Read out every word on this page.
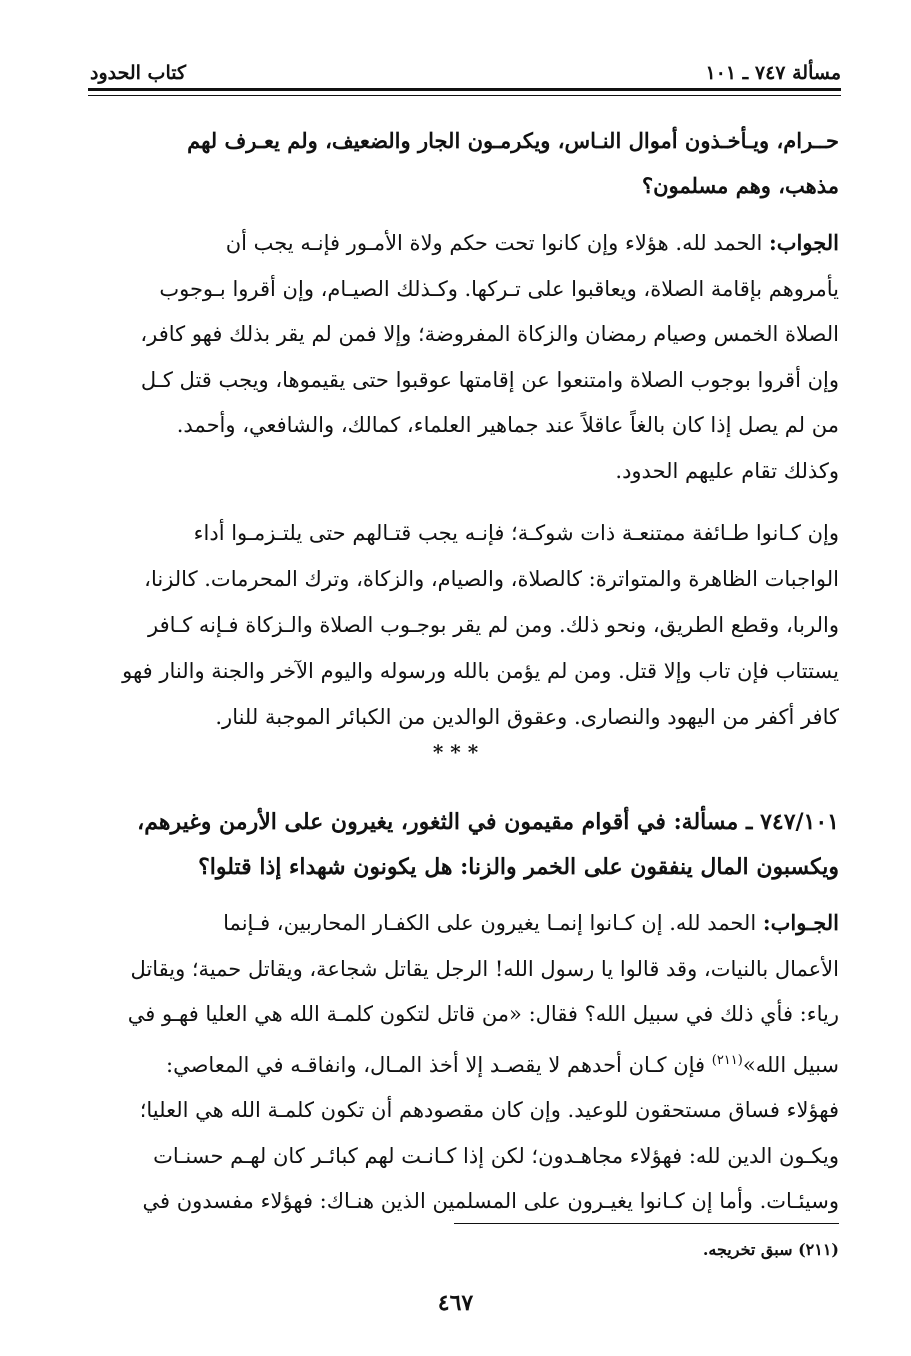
مسألة ٧٤٧ ـ ١٠١
كتاب الحدود
حــرام، ويـأخـذون أموال النـاس، ويكرمـون الجار والضعيف، ولم يعـرف لهم
مذهب، وهم مسلمون؟
الجواب: الحمد لله. هؤلاء وإن كانوا تحت حكم ولاة الأمـور فإنـه يجب أن
يأمروهم بإقامة الصلاة، ويعاقبوا على تـركها. وكـذلك الصيـام، وإن أقروا بـوجوب
الصلاة الخمس وصيام رمضان والزكاة المفروضة؛ وإلا فمن لم يقر بذلك فهو كافر،
وإن أقروا بوجوب الصلاة وامتنعوا عن إقامتها عوقبوا حتى يقيموها، ويجب قتل كـل
من لم يصل إذا كان بالغاً عاقلاً عند جماهير العلماء، كمالك، والشافعي، وأحمد.
وكذلك تقام عليهم الحدود.
وإن كـانوا طـائفة ممتنعـة ذات شوكـة؛ فإنـه يجب قتـالهم حتى يلتـزمـوا أداء
الواجبات الظاهرة والمتواترة: كالصلاة، والصيام، والزكاة، وترك المحرمات. كالزنا،
والربا، وقطع الطريق، ونحو ذلك. ومن لم يقر بوجـوب الصلاة والـزكاة فـإنه كـافر
يستتاب فإن تاب وإلا قتل. ومن لم يؤمن بالله ورسوله واليوم الآخر والجنة والنار فهو
كافر أكفر من اليهود والنصارى. وعقوق الوالدين من الكبائر الموجبة للنار.
* * *
٧٤٧/١٠١ ـ مسألة: في أقوام مقيمون في الثغور، يغيرون على الأرمن وغيرهم،
ويكسبون المال ينفقون على الخمر والزنا: هل يكونون شهداء إذا قتلوا؟
الجـواب: الحمد لله. إن كـانوا إنمـا يغيرون على الكفـار المحاربين، فـإنما
الأعمال بالنيات، وقد قالوا يا رسول الله! الرجل يقاتل شجاعة، ويقاتل حمية؛ ويقاتل
رياء: فأي ذلك في سبيل الله؟ فقال: «من قاتل لتكون كلمـة الله هي العليا فهـو في
سبيل الله»$^{(٢١١)}$ فإن كـان أحدهم لا يقصـد إلا أخذ المـال، وانفاقـه في المعاصي:
فهؤلاء فساق مستحقون للوعيد. وإن كان مقصودهم أن تكون كلمـة الله هي العليا؛
ويكـون الدين لله: فهؤلاء مجاهـدون؛ لكن إذا كـانـت لهم كبائـر كان لهـم حسنـات
وسيئـات. وأما إن كـانوا يغيـرون على المسلمين الذين هنـاك: فهؤلاء مفسدون في
(٢١١) سبق تخريجه.
٤٦٧
